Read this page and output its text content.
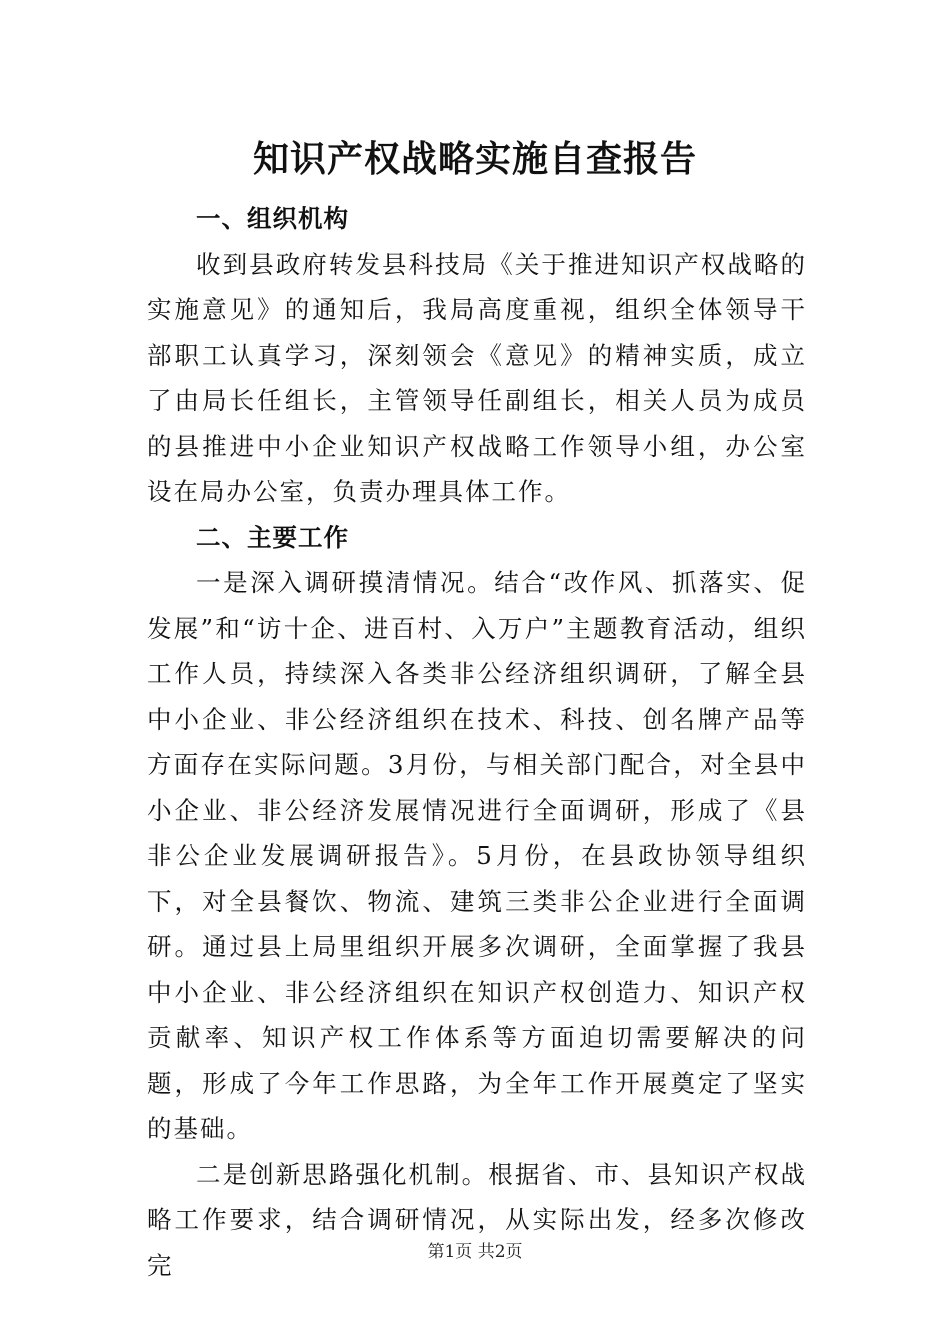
知识产权战略实施自查报告

一、组织机构

收到县政府转发县科技局《关于推进知识产权战略的实施意见》的通知后，我局高度重视，组织全体领导干部职工认真学习，深刻领会《意见》的精神实质，成立了由局长任组长，主管领导任副组长，相关人员为成员的县推进中小企业知识产权战略工作领导小组，办公室设在局办公室，负责办理具体工作。

二、主要工作

一是深入调研摸清情况。结合“改作风、抓落实、促发展”和“访十企、进百村、入万户”主题教育活动，组织工作人员，持续深入各类非公经济组织调研，了解全县中小企业、非公经济组织在技术、科技、创名牌产品等方面存在实际问题。3月份，与相关部门配合，对全县中小企业、非公经济发展情况进行全面调研，形成了《县非公企业发展调研报告》。5月份，在县政协领导组织下，对全县餐饮、物流、建筑三类非公企业进行全面调研。通过县上局里组织开展多次调研，全面掌握了我县中小企业、非公经济组织在知识产权创造力、知识产权贡献率、知识产权工作体系等方面迫切需要解决的问题，形成了今年工作思路，为全年工作开展奠定了坚实的基础。

二是创新思路强化机制。根据省、市、县知识产权战略工作要求，结合调研情况，从实际出发，经多次修改完	第1页 共2页
